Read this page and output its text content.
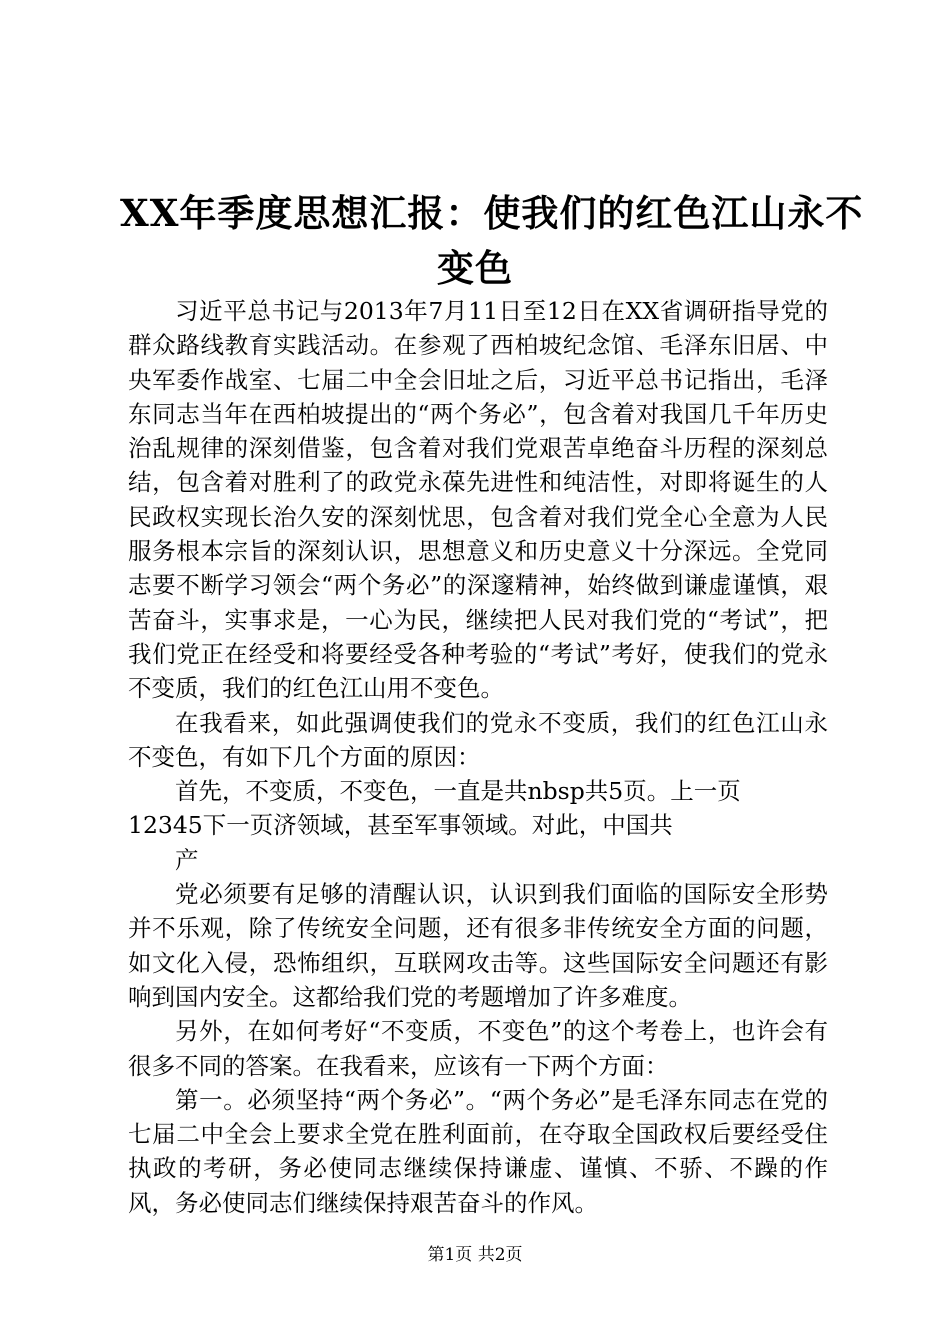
XX年季度思想汇报：使我们的红色江山永不
变色

习近平总书记与2013年7月11日至12日在XX省调研指导党的群众路线教育实践活动。在参观了西柏坡纪念馆、毛泽东旧居、中央军委作战室、七届二中全会旧址之后，习近平总书记指出，毛泽东同志当年在西柏坡提出的“两个务必”，包含着对我国几千年历史治乱规律的深刻借鉴，包含着对我们党艰苦卓绝奋斗历程的深刻总结，包含着对胜利了的政党永葆先进性和纯洁性，对即将诞生的人民政权实现长治久安的深刻忧思，包含着对我们党全心全意为人民服务根本宗旨的深刻认识，思想意义和历史意义十分深远。全党同志要不断学习领会“两个务必”的深邃精神，始终做到谦虚谨慎，艰苦奋斗，实事求是，一心为民，继续把人民对我们党的“考试”，把我们党正在经受和将要经受各种考验的“考试”考好，使我们的党永不变质，我们的红色江山用不变色。

在我看来，如此强调使我们的党永不变质，我们的红色江山永不变色，有如下几个方面的原因：

首先，不变质，不变色，一直是共nbsp共5页。上一页

12345下一页济领域，甚至军事领域。对此，中国共

产

党必须要有足够的清醒认识，认识到我们面临的国际安全形势并不乐观，除了传统安全问题，还有很多非传统安全方面的问题，如文化入侵，恐怖组织，互联网攻击等。这些国际安全问题还有影响到国内安全。这都给我们党的考题增加了许多难度。

另外，在如何考好“不变质，不变色”的这个考卷上，也许会有很多不同的答案。在我看来，应该有一下两个方面：

第一。必须坚持“两个务必”。“两个务必”是毛泽东同志在党的七届二中全会上要求全党在胜利面前，在夺取全国政权后要经受住执政的考研，务必使同志继续保持谦虚、谨慎、不骄、不躁的作风，务必使同志们继续保持艰苦奋斗的作风。

第1页 共2页
